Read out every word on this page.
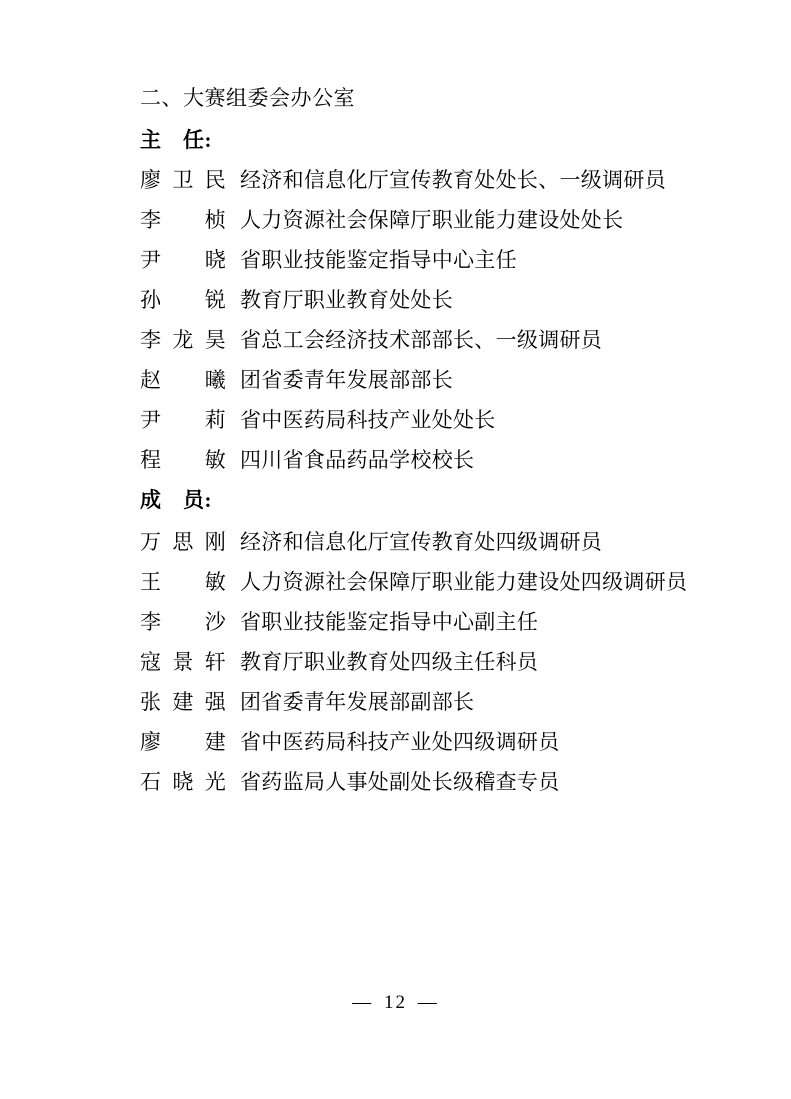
二、大赛组委会办公室
主　任:
廖卫民 经济和信息化厅宣传教育处处长、一级调研员
李　桢 人力资源社会保障厅职业能力建设处处长
尹　晓 省职业技能鉴定指导中心主任
孙　锐 教育厅职业教育处处长
李龙昊 省总工会经济技术部部长、一级调研员
赵　曦 团省委青年发展部部长
尹　莉 省中医药局科技产业处处长
程　敏 四川省食品药品学校校长
成　员:
万思刚 经济和信息化厅宣传教育处四级调研员
王　敏 人力资源社会保障厅职业能力建设处四级调研员
李　沙 省职业技能鉴定指导中心副主任
寇景轩 教育厅职业教育处四级主任科员
张建强 团省委青年发展部副部长
廖　建 省中医药局科技产业处四级调研员
石晓光 省药监局人事处副处长级稽查专员
— 12 —
